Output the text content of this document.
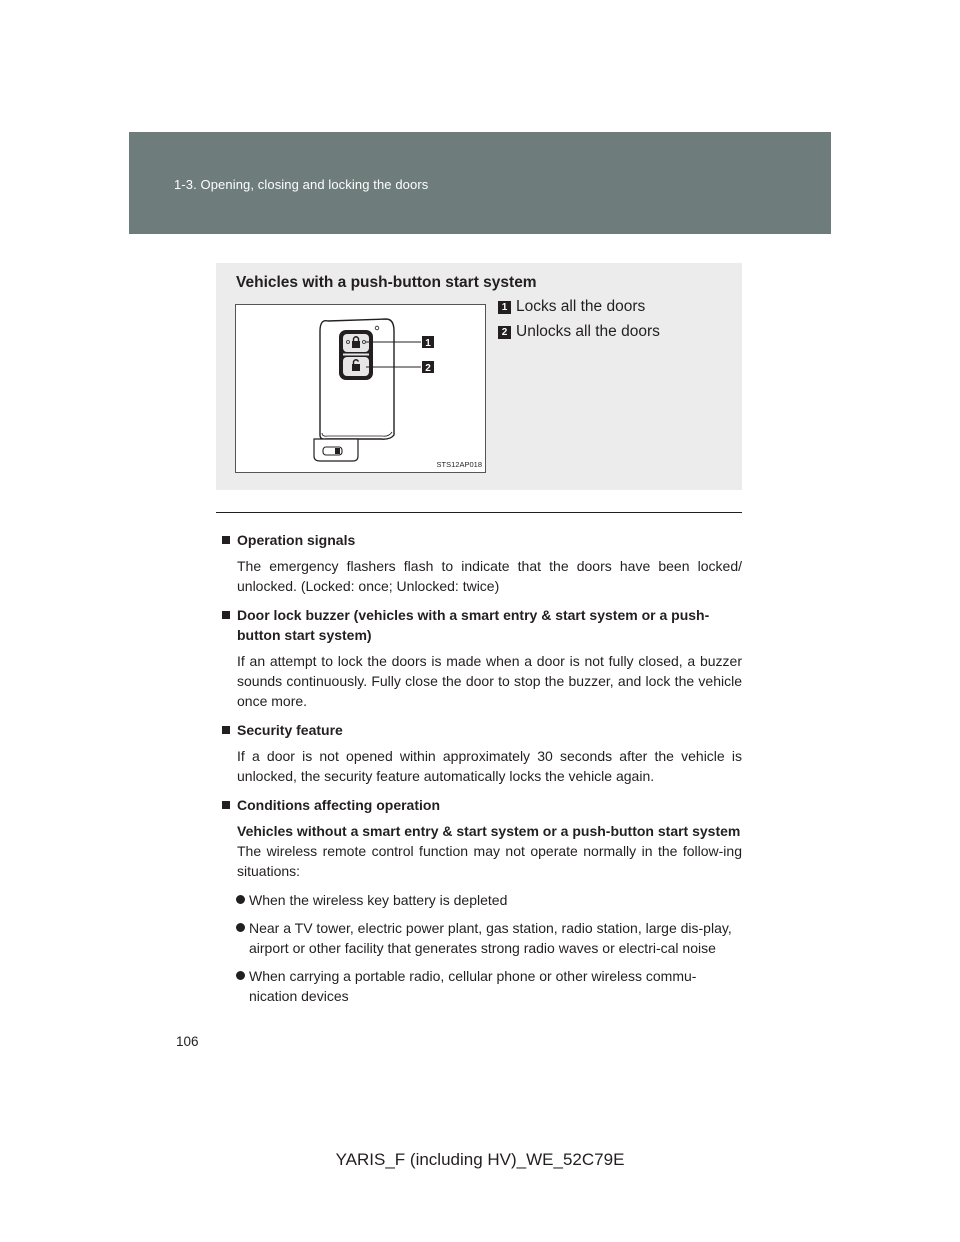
1-3. Opening, closing and locking the doors
Vehicles with a push-button start system
1
2
STS12AP018
1 Locks all the doors
2 Unlocks all the doors
Operation signals

The emergency flashers flash to indicate that the doors have been locked/ unlocked. (Locked: once; Unlocked: twice)

Door lock buzzer (vehicles with a smart entry & start system or a push-button start system)

If an attempt to lock the doors is made when a door is not fully closed, a buzzer sounds continuously. Fully close the door to stop the buzzer, and lock the vehicle once more.

Security feature

If a door is not opened within approximately 30 seconds after the vehicle is unlocked, the security feature automatically locks the vehicle again.

Conditions affecting operation

Vehicles without a smart entry & start system or a push-button start system

The wireless remote control function may not operate normally in the follow-ing situations:

When the wireless key battery is depleted
Near a TV tower, electric power plant, gas station, radio station, large dis-play, airport or other facility that generates strong radio waves or electri-cal noise
When carrying a portable radio, cellular phone or other wireless commu-nication devices
106
YARIS_F (including HV)_WE_52C79E
